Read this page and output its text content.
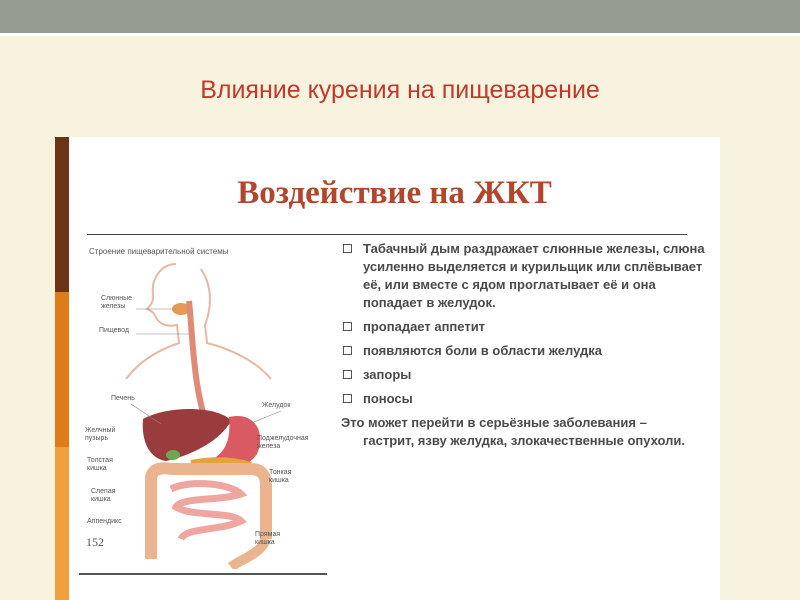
Влияние курения на пищеварение
Воздействие на ЖКТ
Строение пищеварительной системы
Слюнные железы
Пищевод
Печень
Желчный пузырь
Толстая кишка
Слепая кишка
Аппендикс
Желудок
Поджелудочная железа
Тонкая кишка
Прямая кишка
152
Табачный дым раздражает слюнные железы, слюна усиленно выделяется и курильщик или сплёвывает её, или вместе с ядом проглатывает её и она попадает в желудок.
пропадает аппетит
появляются боли в области желудка
запоры
поносы
Это может перейти в серьёзные заболевания –
гастрит, язву желудка, злокачественные опухоли.
